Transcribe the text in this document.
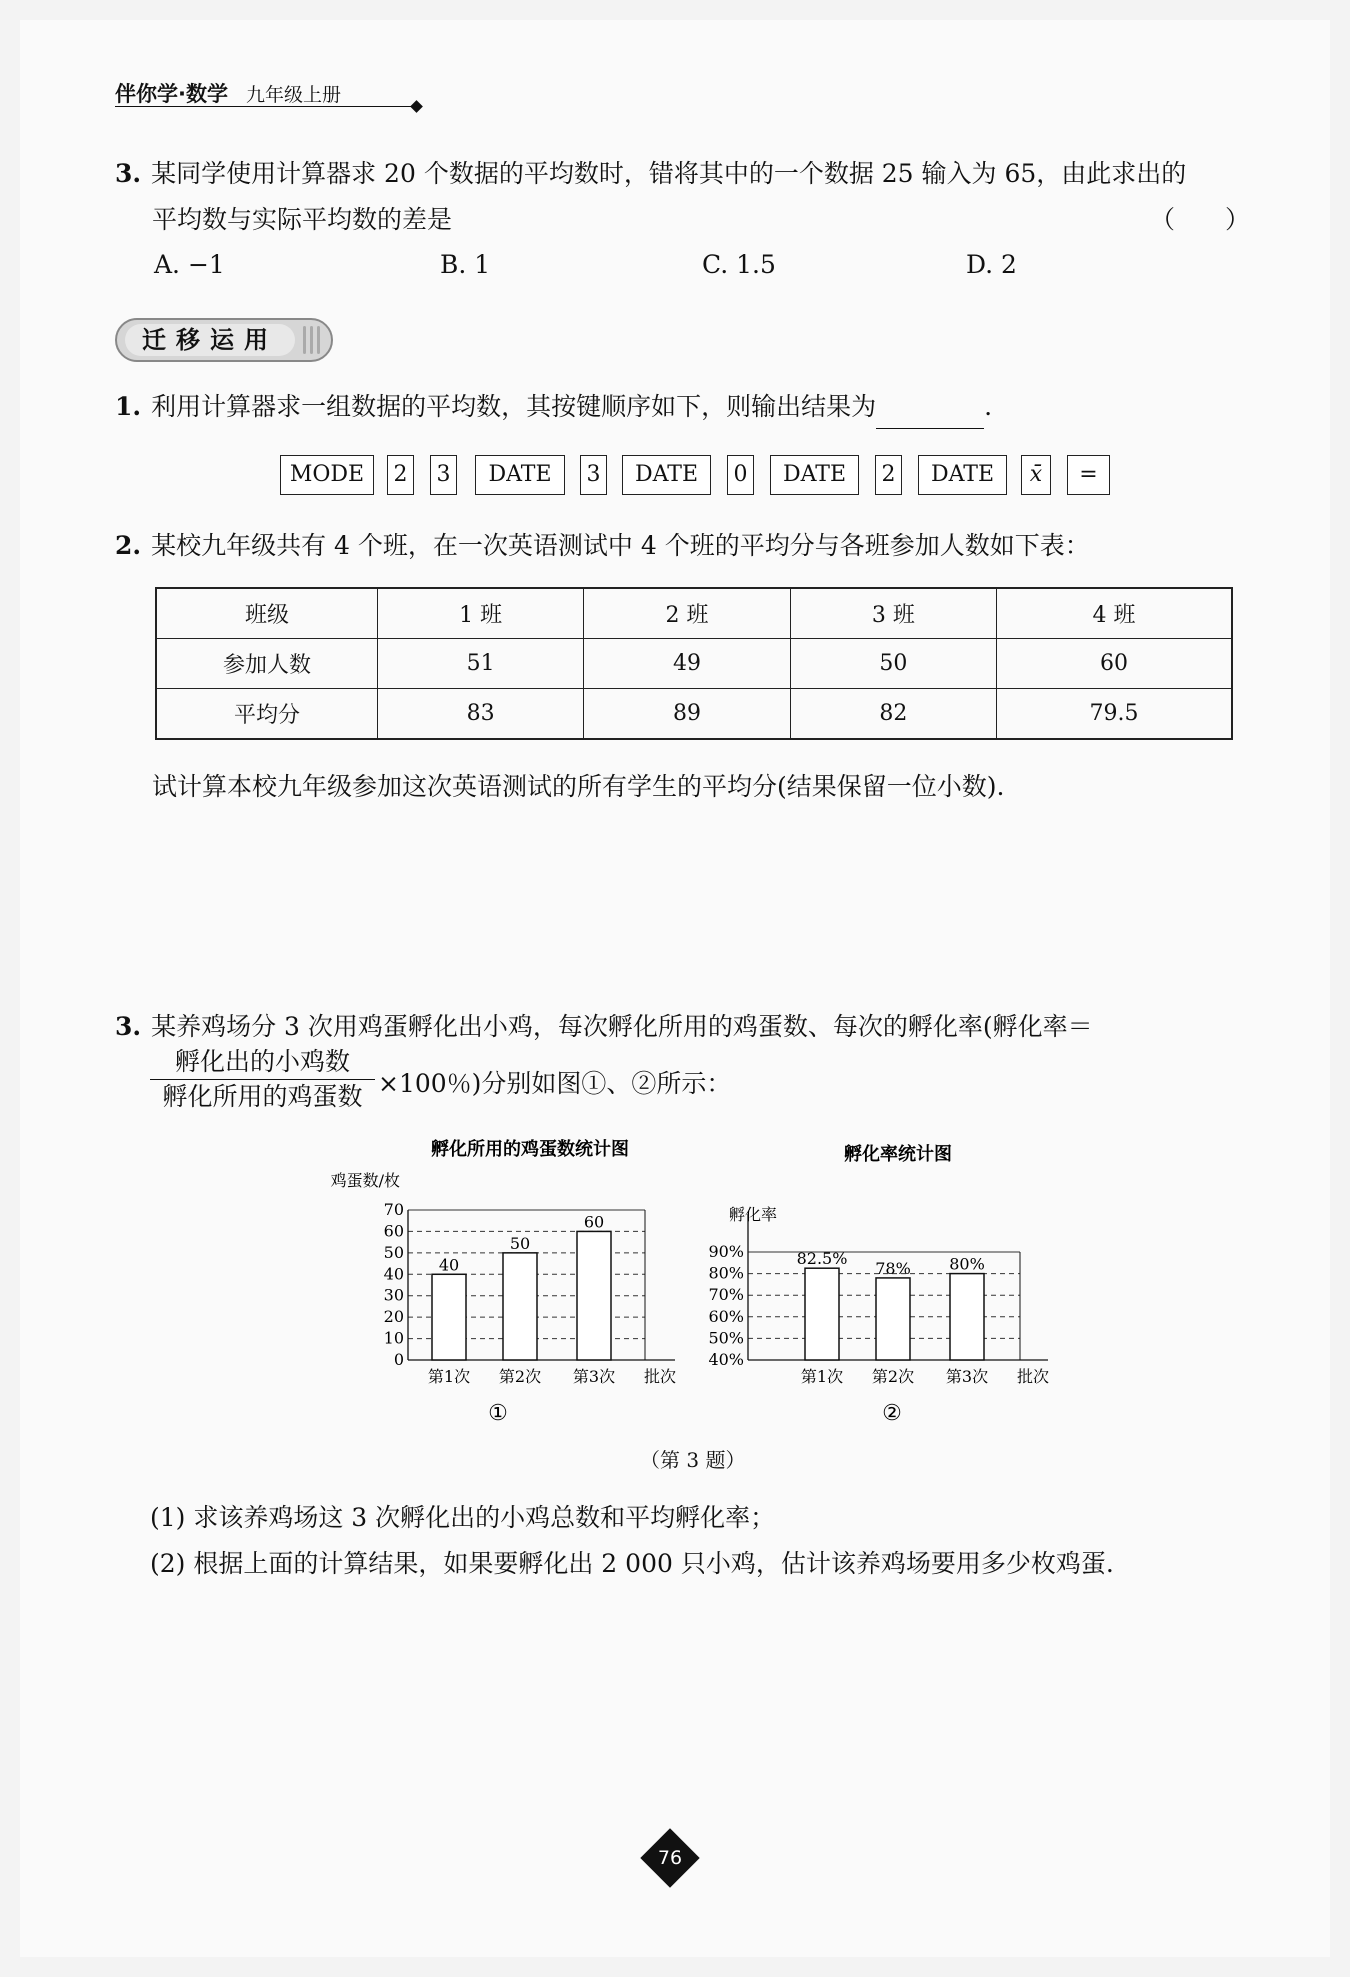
伴你学·数学 九年级上册
3. 某同学使用计算器求 20 个数据的平均数时，错将其中的一个数据 25 输入为 65，由此求出的
平均数与实际平均数的差是	（　　）
A. −1	B. 1	C. 1.5	D. 2
迁移运用
1. 利用计算器求一组数据的平均数，其按键顺序如下，则输出结果为	.
MODE	2 3	DATE	3	DATE	0	DATE	2	DATE	x̄	=
2. 某校九年级共有 4 个班，在一次英语测试中 4 个班的平均分与各班参加人数如下表：
班级	1 班	2 班	3 班	4 班
参加人数	51	49	50	60
平均分	83	89	82	79.5
试计算本校九年级参加这次英语测试的所有学生的平均分(结果保留一位小数).
3. 某养鸡场分 3 次用鸡蛋孵化出小鸡，每次孵化所用的鸡蛋数、每次的孵化率(孵化率＝
孵化出的小鸡数
孵化所用的鸡蛋数 ×100％)分别如图①、②所示：
孵化所用的鸡蛋数统计图
鸡蛋数/枚
0
10
20
30
40
50
60
70
40
第1次
50
第2次
60
第3次 批次
①
孵化率统计图
孵化率
40%
50%
60%
70%
80%
90%	82.5%
第1次
78%
第2次
80%
第3次 批次
②
（第 3 题）
(1) 求该养鸡场这 3 次孵化出的小鸡总数和平均孵化率；
(2) 根据上面的计算结果，如果要孵化出 2 000 只小鸡，估计该养鸡场要用多少枚鸡蛋.
76
